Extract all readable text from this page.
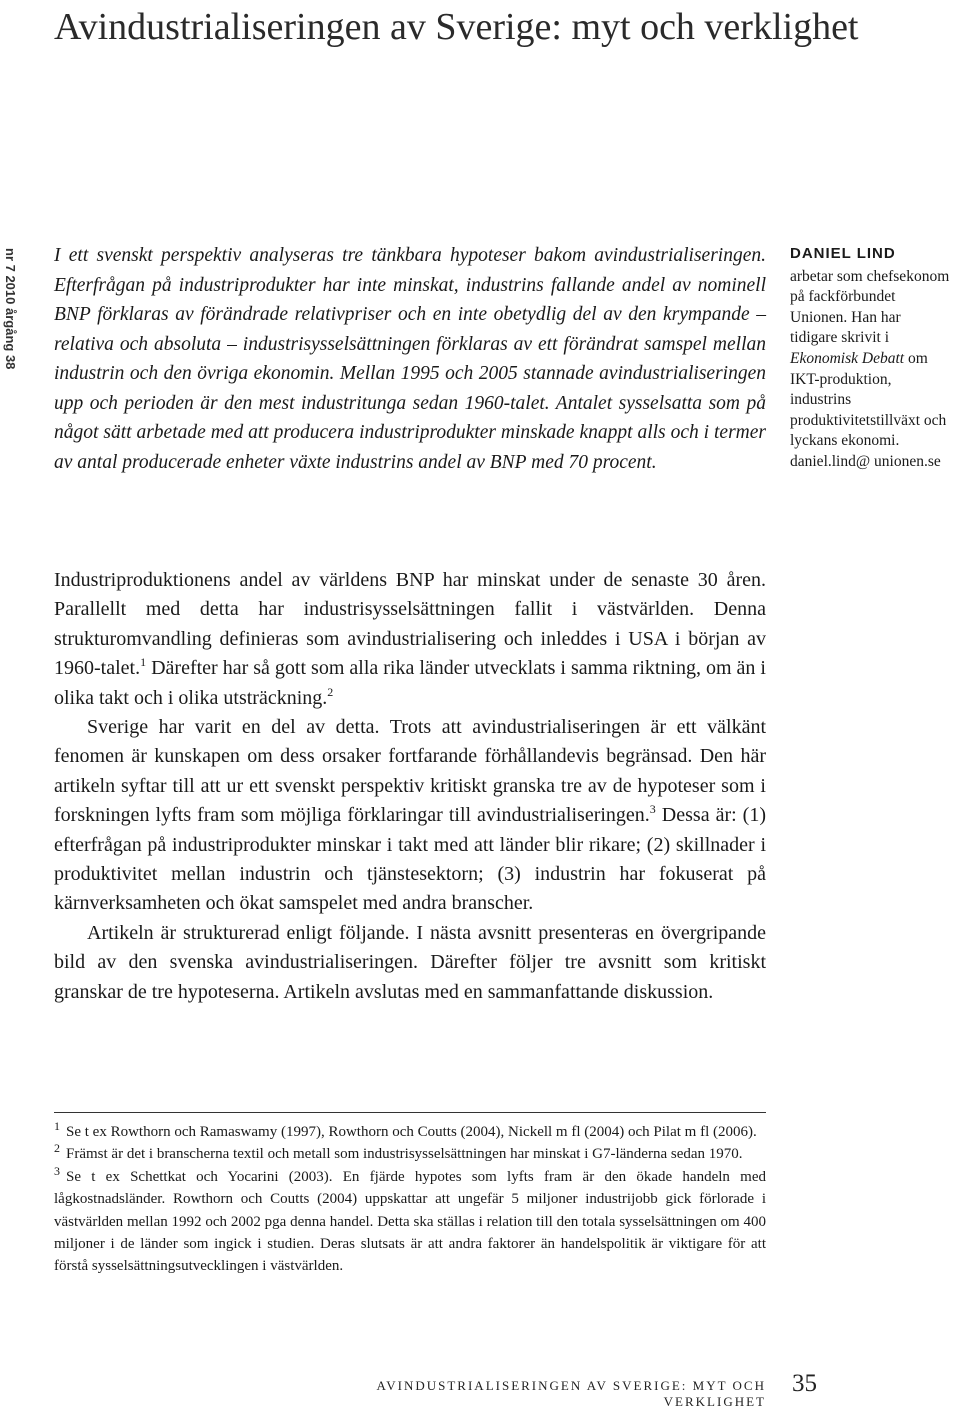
Avindustrialiseringen av Sverige: myt och verklighet
nr 7 2010 årgång 38 I ett svenskt perspektiv analyseras tre tänkbara hypoteser bakom avindustrialiseringen. Efterfrågan på industriprodukter har inte minskat, industrins fallande andel av nominell BNP förklaras av förändrade relativpriser och en inte obetydlig del av den krympande – relativa och absoluta – industrisysselsättningen förklaras av ett förändrat samspel mellan industrin och den övriga ekonomin. Mellan 1995 och 2005 stannade avindustrialiseringen upp och perioden är den mest industritunga sedan 1960-talet. Antalet sysselsatta som på något sätt arbetade med att producera industriprodukter minskade knappt alls och i termer av antal producerade enheter växte industrins andel av BNP med 70 procent.

DANIEL LIND
arbetar som chefsekonom på fackförbundet Unionen. Han har tidigare skrivit i Ekonomisk Debatt om IKT-produktion, industrins produktivitetstillväxt och lyckans ekonomi. daniel.lind@ unionen.se

Industriproduktionens andel av världens BNP har minskat under de senaste 30 åren. Parallellt med detta har industrisysselsättningen fallit i västvärlden. Denna strukturomvandling definieras som avindustrialisering och inleddes i USA i början av 1960-talet.$^1$ Därefter har så gott som alla rika länder utvecklats i samma riktning, om än i olika takt och i olika utsträckning.$^2$

Sverige har varit en del av detta. Trots att avindustrialiseringen är ett välkänt fenomen är kunskapen om dess orsaker fortfarande förhållandevis begränsad. Den här artikeln syftar till att ur ett svenskt perspektiv kritiskt granska tre av de hypoteser som i forskningen lyfts fram som möjliga förklaringar till avindustrialiseringen.$^3$ Dessa är: (1) efterfrågan på industriprodukter minskar i takt med att länder blir rikare; (2) skillnader i produktivitet mellan industrin och tjänstesektorn; (3) industrin har fokuserat på kärnverksamheten och ökat samspelet med andra branscher.

Artikeln är strukturerad enligt följande. I nästa avsnitt presenteras en övergripande bild av den svenska avindustrialiseringen. Därefter följer tre avsnitt som kritiskt granskar de tre hypoteserna. Artikeln avslutas med en sammanfattande diskussion.

$^1$ Se t ex Rowthorn och Ramaswamy (1997), Rowthorn och Coutts (2004), Nickell m fl (2004) och Pilat m fl (2006).

$^2$ Främst är det i branscherna textil och metall som industrisysselsättningen har minskat i G7-länderna sedan 1970.

$^3$ Se t ex Schettkat och Yocarini (2003). En fjärde hypotes som lyfts fram är den ökade handeln med lågkostnadsländer. Rowthorn och Coutts (2004) uppskattar att ungefär 5 miljoner industrijobb gick förlorade i västvärlden mellan 1992 och 2002 pga denna handel. Detta ska ställas i relation till den totala sysselsättningen om 400 miljoner i de länder som ingick i studien. Deras slutsats är att andra faktorer än handelspolitik är viktigare för att förstå sysselsättningsutvecklingen i västvärlden.

AVINDUSTRIALISERINGEN AV SVERIGE: MYT OCH VERKLIGHET
35
